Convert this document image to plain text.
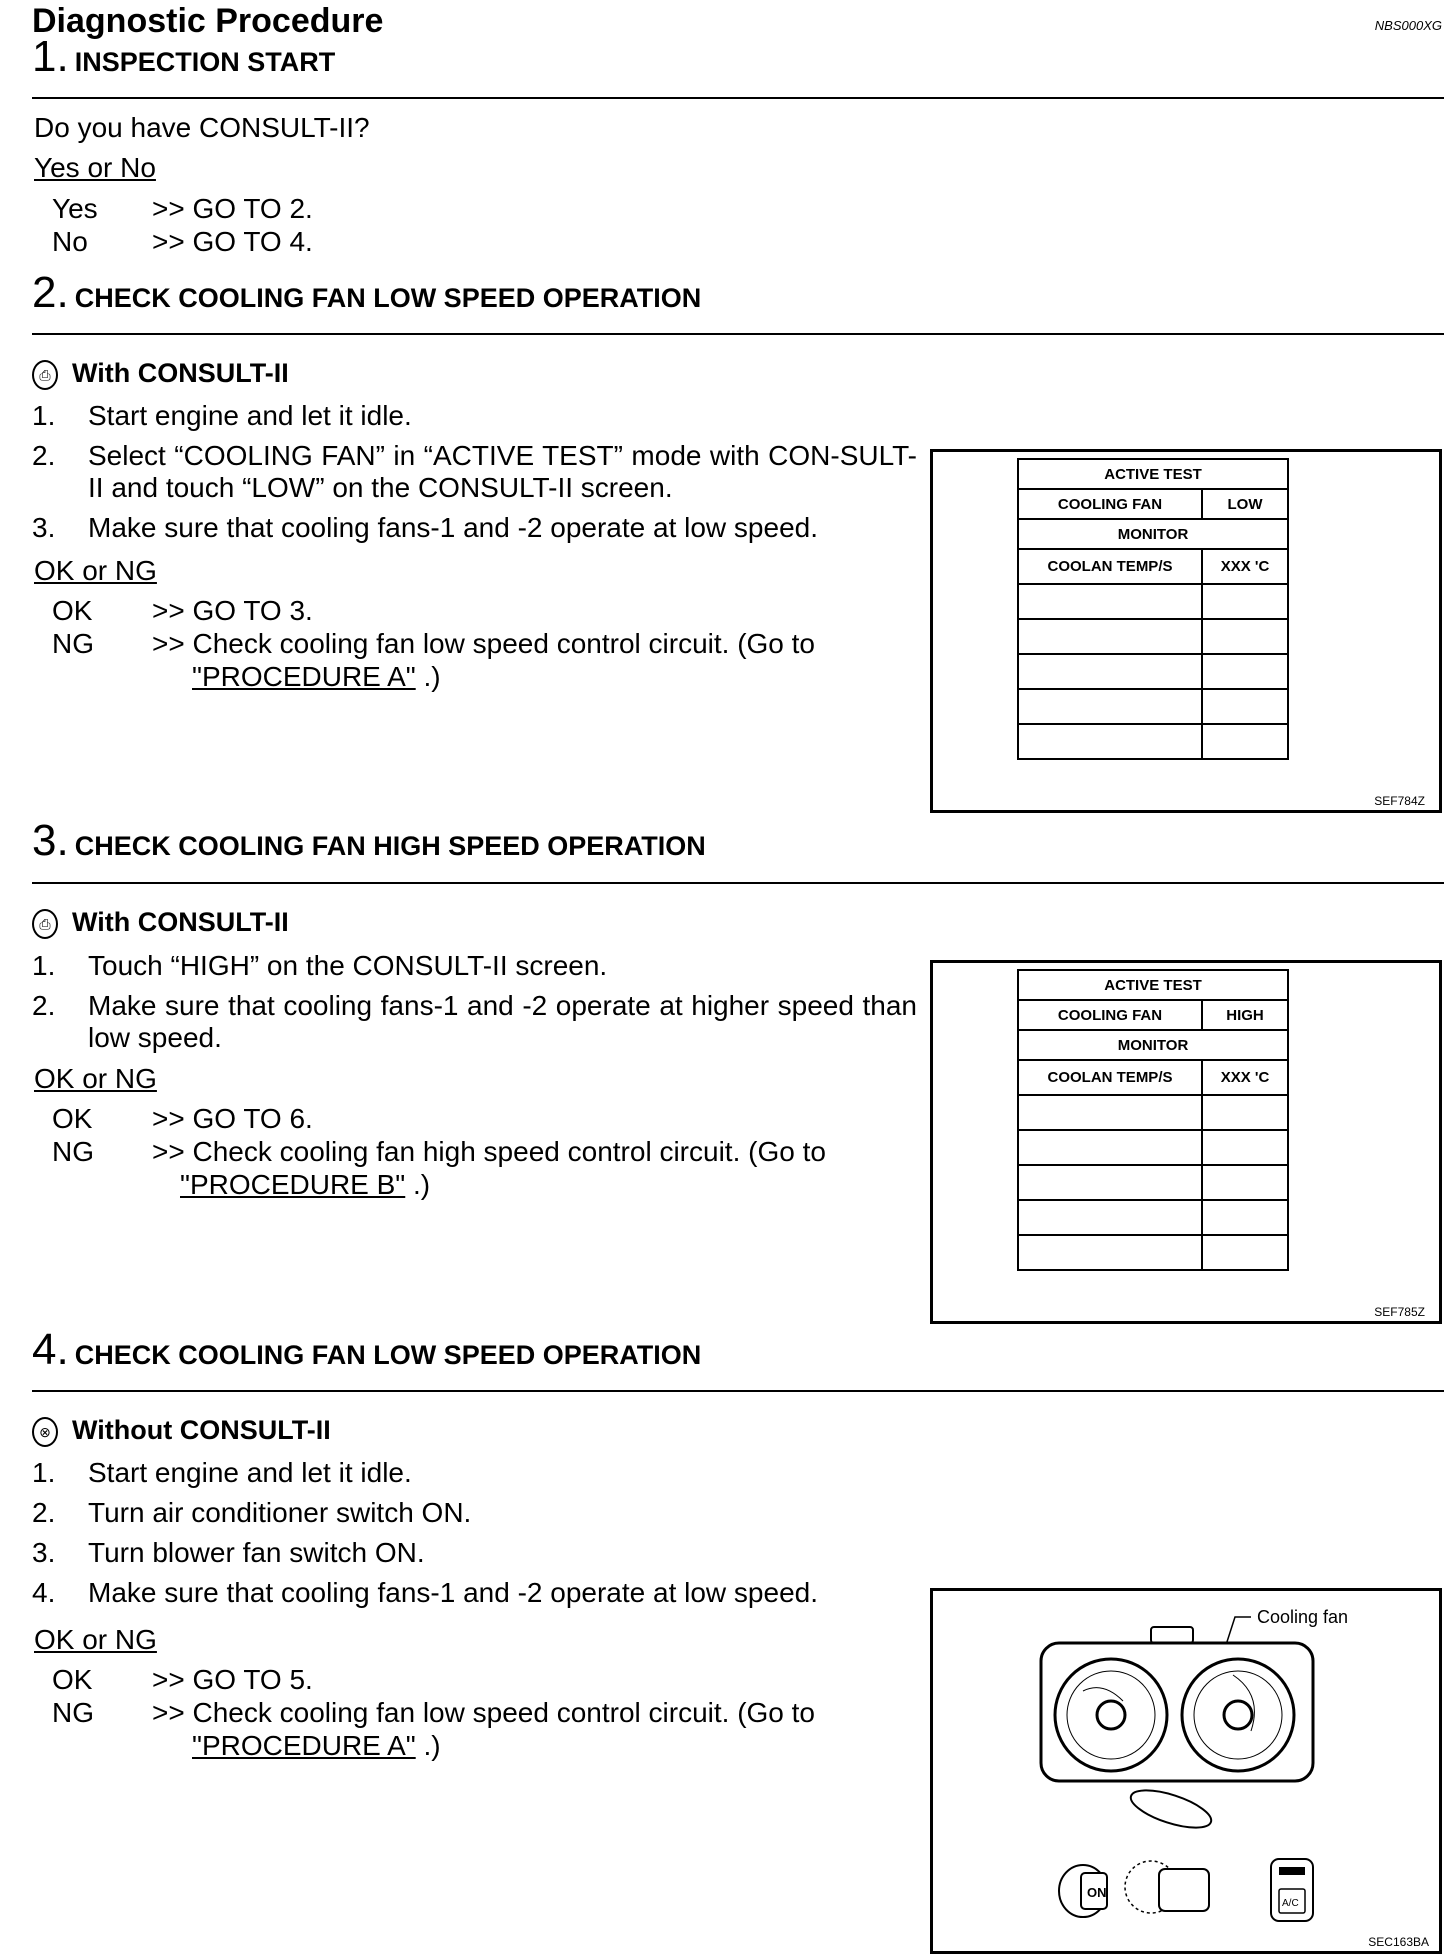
Diagnostic Procedure	NBS000XG
1. INSPECTION START
Do you have CONSULT-II?
Yes or No
Yes >> GO TO 2.
No >> GO TO 4.
2. CHECK COOLING FAN LOW SPEED OPERATION
⎙ With CONSULT-II
1.	Start engine and let it idle.
2.	Select “COOLING FAN” in “ACTIVE TEST” mode with CON-SULT-II and touch “LOW” on the CONSULT-II screen.
3.	Make sure that cooling fans-1 and -2 operate at low speed.
OK or NG
OK >> GO TO 3.
NG >> Check cooling fan low speed control circuit. (Go to
"PROCEDURE A" .)
ACTIVE TEST	
COOLING FAN	LOW
MONITOR	
COOLAN TEMP/S	XXX 'C

SEF784Z
3. CHECK COOLING FAN HIGH SPEED OPERATION
⎙ With CONSULT-II
1.	Touch “HIGH” on the CONSULT-II screen.
2.	Make sure that cooling fans-1 and -2 operate at higher speed than low speed.
OK or NG
OK >> GO TO 6.
NG >> Check cooling fan high speed control circuit. (Go to
"PROCEDURE B" .)
ACTIVE TEST	
COOLING FAN	HIGH
MONITOR	
COOLAN TEMP/S	XXX 'C

SEF785Z
4. CHECK COOLING FAN LOW SPEED OPERATION
⊗ Without CONSULT-II
1.	Start engine and let it idle.
2.	Turn air conditioner switch ON.
3.	Turn blower fan switch ON.
4.	Make sure that cooling fans-1 and -2 operate at low speed.
OK or NG
OK >> GO TO 5.
NG >> Check cooling fan low speed control circuit. (Go to
"PROCEDURE A" .)
Cooling fan
ON
A/C
SEC163BA
